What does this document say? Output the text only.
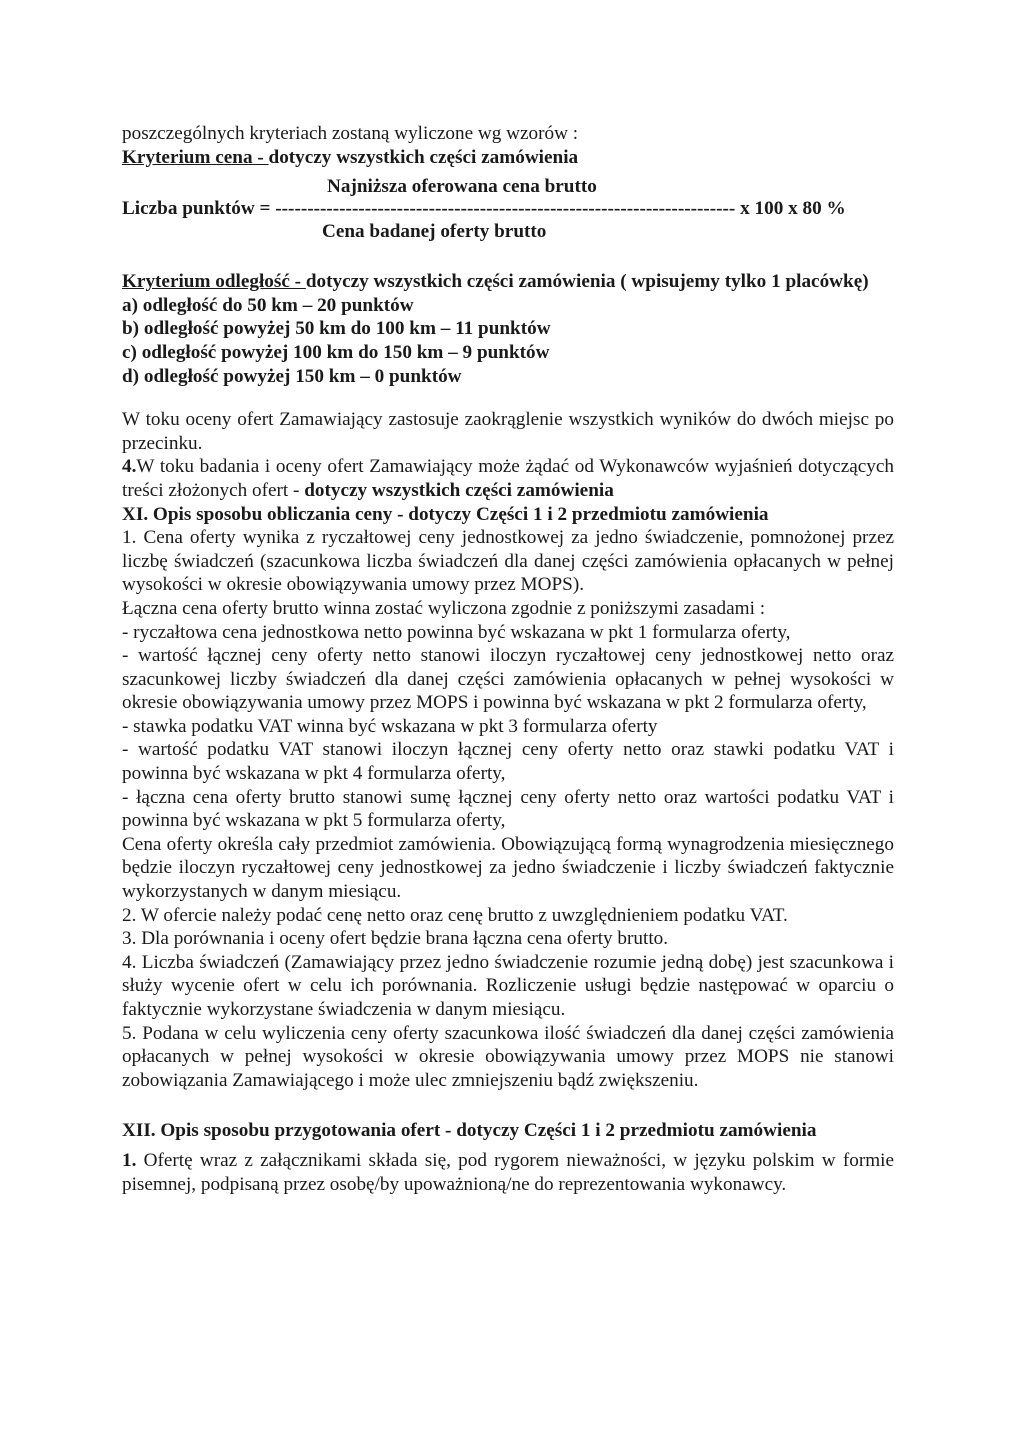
poszczególnych kryteriach zostaną wyliczone wg wzorów :

Kryterium cena - dotyczy wszystkich części zamówienia

Najniższa oferowana cena brutto
Liczba punktów = ------------------------------------------------------------------------ x 100 x 80 %
Cena badanej oferty brutto

Kryterium odległość - dotyczy wszystkich części zamówienia ( wpisujemy tylko 1 placówkę)

a) odległość do 50 km – 20 punktów

b) odległość powyżej 50 km do 100 km – 11 punktów

c) odległość powyżej 100 km do 150 km – 9 punktów

d) odległość powyżej 150 km – 0 punktów

W toku oceny ofert Zamawiający zastosuje zaokrąglenie wszystkich wyników do dwóch miejsc po przecinku.

4.W toku badania i oceny ofert Zamawiający może żądać od Wykonawców wyjaśnień dotyczących treści złożonych ofert - dotyczy wszystkich części zamówienia

XI. Opis sposobu obliczania ceny - dotyczy Części 1 i 2 przedmiotu zamówienia

1. Cena oferty wynika z ryczałtowej ceny jednostkowej za jedno świadczenie, pomnożonej przez liczbę świadczeń (szacunkowa liczba świadczeń dla danej części zamówienia opłacanych w pełnej wysokości w okresie obowiązywania umowy przez MOPS).

Łączna cena oferty brutto winna zostać wyliczona zgodnie z poniższymi zasadami :

- ryczałtowa cena jednostkowa netto powinna być wskazana w pkt 1 formularza oferty,

- wartość łącznej ceny oferty netto stanowi iloczyn ryczałtowej ceny jednostkowej netto oraz szacunkowej liczby świadczeń dla danej części zamówienia opłacanych w pełnej wysokości w okresie obowiązywania umowy przez MOPS i powinna być wskazana w pkt 2 formularza oferty,

- stawka podatku VAT winna być wskazana w pkt 3 formularza oferty

- wartość podatku VAT stanowi iloczyn łącznej ceny oferty netto oraz stawki podatku VAT i powinna być wskazana w pkt 4 formularza oferty,

- łączna cena oferty brutto stanowi sumę łącznej ceny oferty netto oraz wartości podatku VAT i powinna być wskazana w pkt 5 formularza oferty,

Cena oferty określa cały przedmiot zamówienia. Obowiązującą formą wynagrodzenia miesięcznego będzie iloczyn ryczałtowej ceny jednostkowej za jedno świadczenie i liczby świadczeń faktycznie wykorzystanych w danym miesiącu.

2. W ofercie należy podać cenę netto oraz cenę brutto z uwzględnieniem podatku VAT.

3. Dla porównania i oceny ofert będzie brana łączna cena oferty brutto.

4. Liczba świadczeń (Zamawiający przez jedno świadczenie rozumie jedną dobę) jest szacunkowa i służy wycenie ofert w celu ich porównania. Rozliczenie usługi będzie następować w oparciu o faktycznie wykorzystane świadczenia w danym miesiącu.

5. Podana w celu wyliczenia ceny oferty szacunkowa ilość świadczeń dla danej części zamówienia opłacanych w pełnej wysokości w okresie obowiązywania umowy przez MOPS nie stanowi zobowiązania Zamawiającego i może ulec zmniejszeniu bądź zwiększeniu.

XII. Opis sposobu przygotowania ofert - dotyczy Części 1 i 2 przedmiotu zamówienia

1. Ofertę wraz z załącznikami składa się, pod rygorem nieważności, w języku polskim w formie pisemnej, podpisaną przez osobę/by upoważnioną/ne do reprezentowania wykonawcy.
